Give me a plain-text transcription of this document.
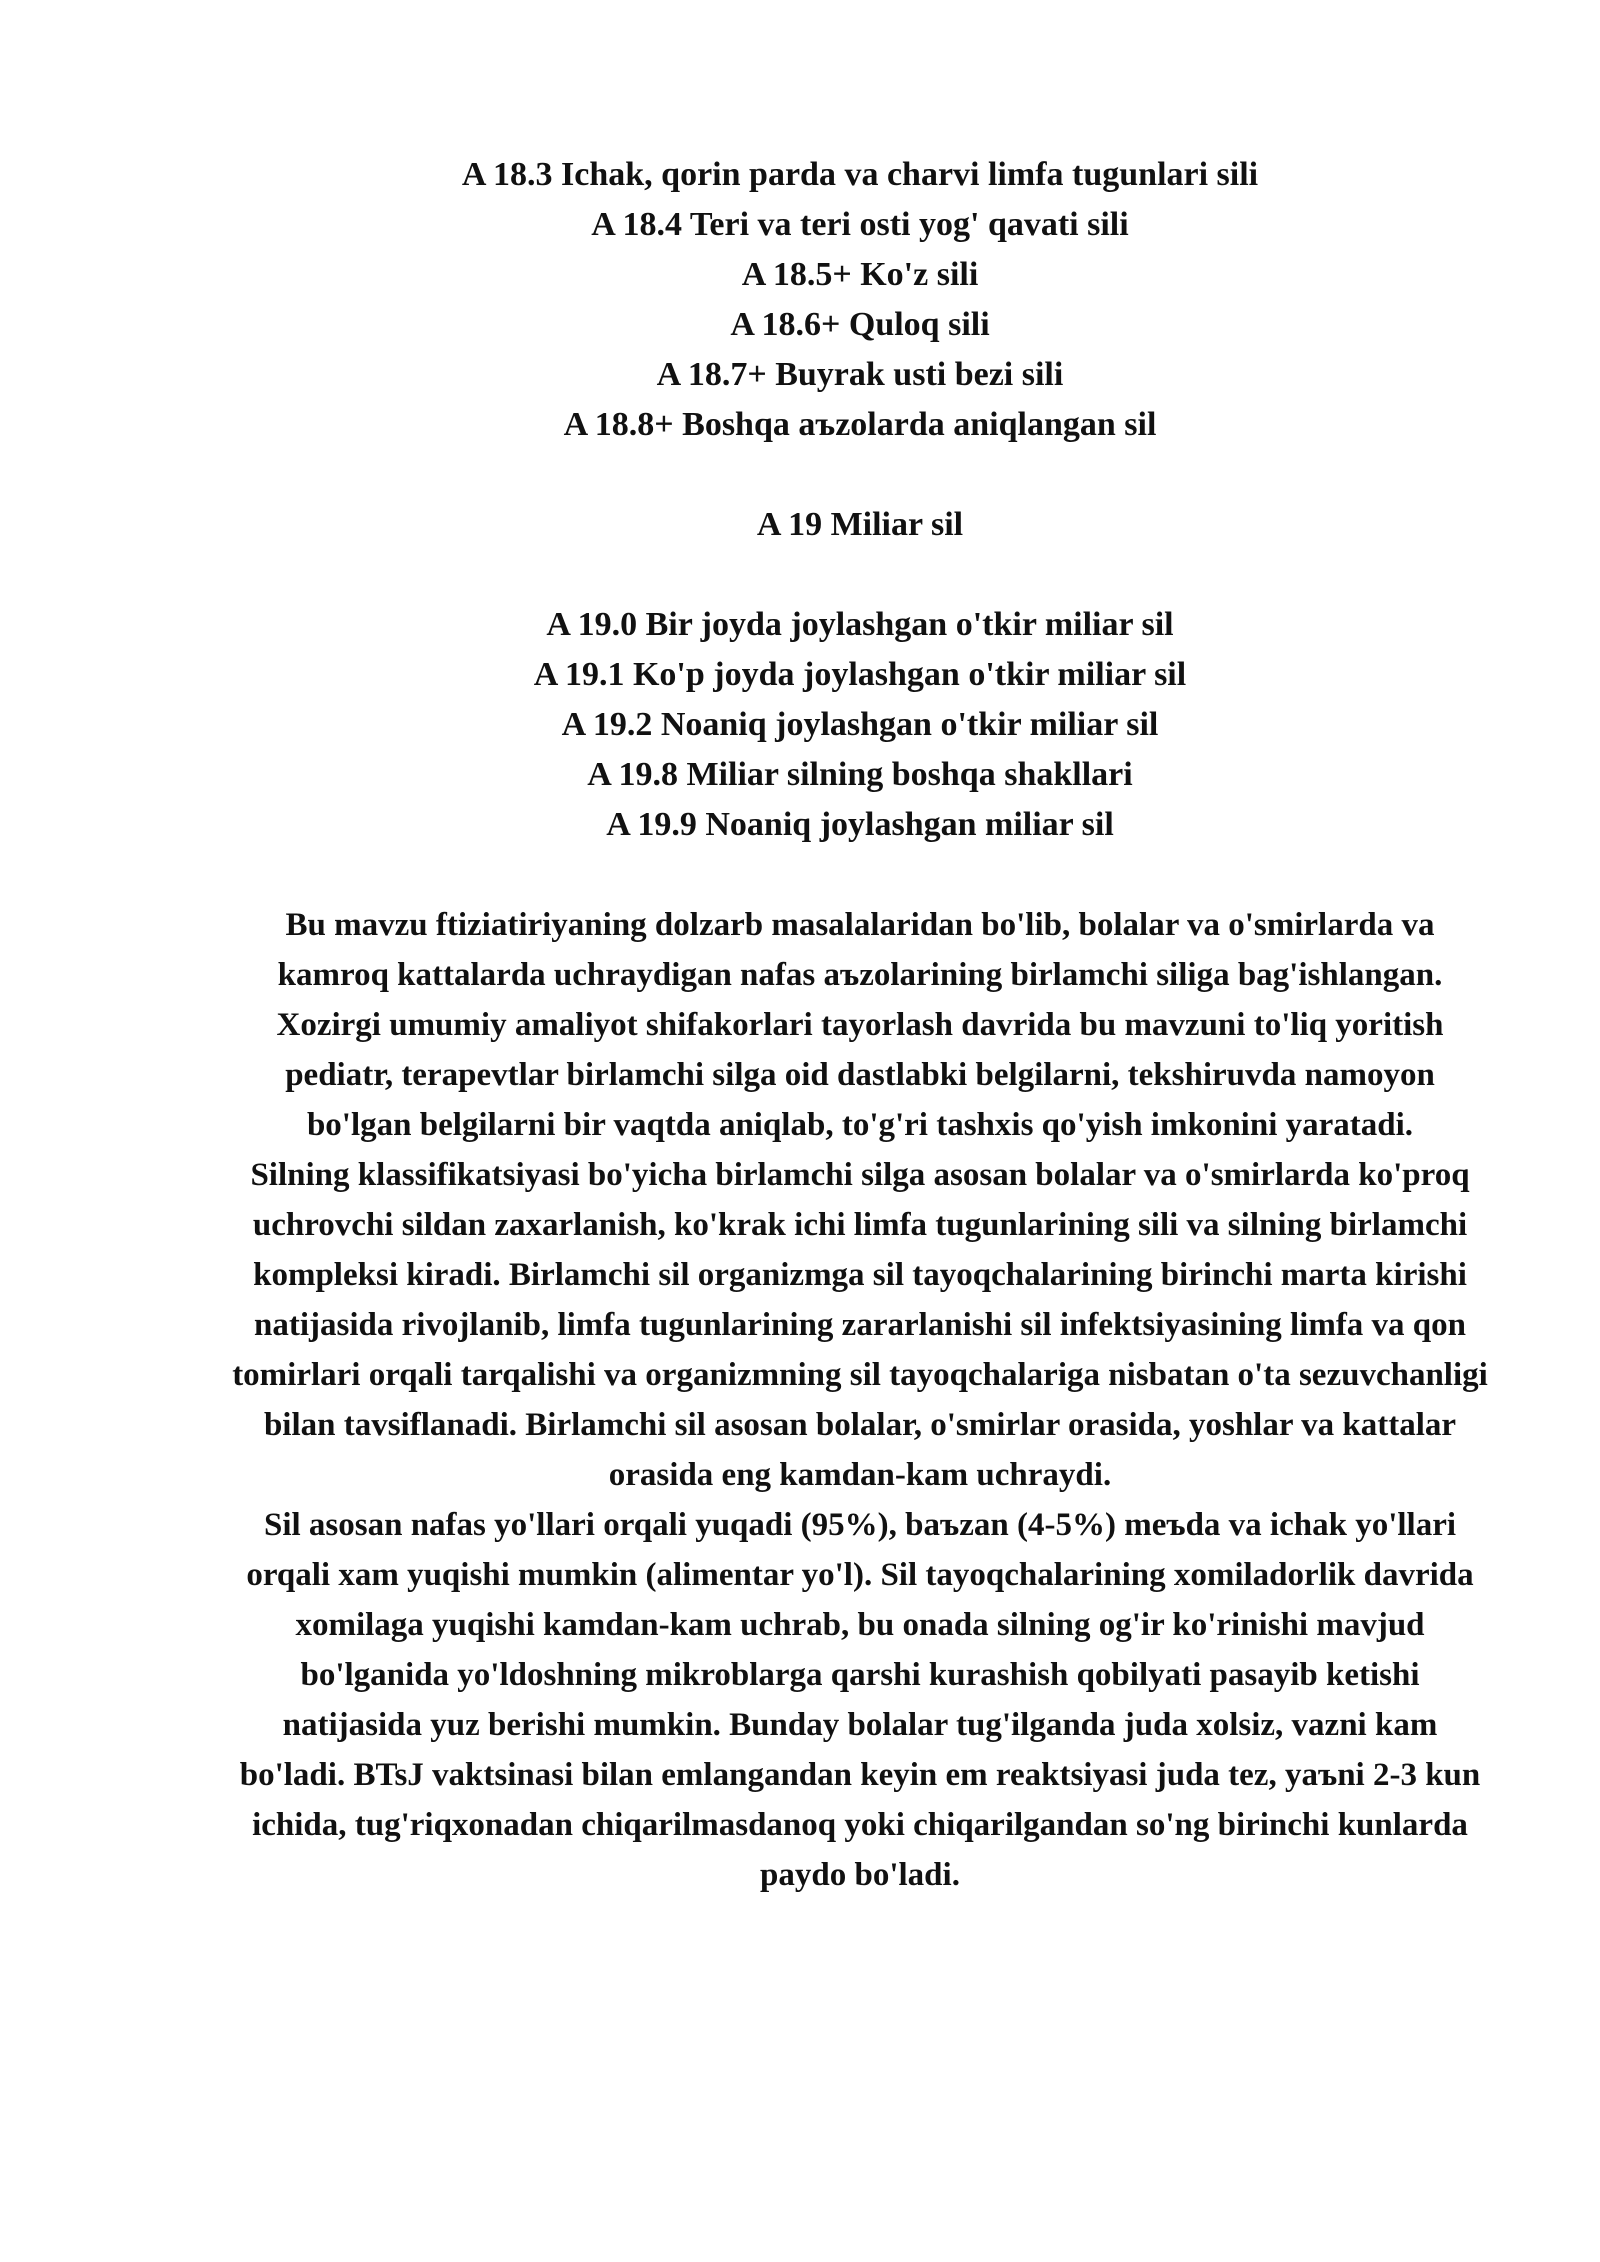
A 18.3 Ichak, qorin parda va charvi limfa tugunlari sili
A 18.4 Teri va teri osti yog' qavati sili
A 18.5+ Ko'z sili
A 18.6+ Quloq sili
A 18.7+ Buyrak usti bezi sili
A 18.8+ Boshqa aъzolarda aniqlangan sil
A 19 Miliar sil
A 19.0 Bir joyda joylashgan o'tkir miliar sil
A 19.1 Ko'p joyda joylashgan o'tkir miliar sil
A 19.2 Noaniq joylashgan o'tkir miliar sil
A 19.8 Miliar silning boshqa shakllari
A 19.9 Noaniq joylashgan miliar sil

Bu mavzu ftiziatiriyaning dolzarb masalalaridan bo'lib, bolalar va o'smirlarda va kamroq kattalarda uchraydigan nafas aъzolarining birlamchi siliga bag'ishlangan. Xozirgi umumiy amaliyot shifakorlari tayorlash davrida bu mavzuni to'liq yoritish pediatr, terapevtlar birlamchi silga oid dastlabki belgilarni, tekshiruvda namoyon bo'lgan belgilarni bir vaqtda aniqlab, to'g'ri tashxis qo'yish imkonini yaratadi.

Silning klassifikatsiyasi bo'yicha birlamchi silga asosan bolalar va o'smirlarda ko'proq uchrovchi sildan zaxarlanish, ko'krak ichi limfa tugunlarining sili va silning birlamchi kompleksi kiradi. Birlamchi sil organizmga sil tayoqchalarining birinchi marta kirishi natijasida rivojlanib, limfa tugunlarining zararlanishi sil infektsiyasining limfa va qon tomirlari orqali tarqalishi va organizmning sil tayoqchalariga nisbatan o'ta sezuvchanligi bilan tavsiflanadi. Birlamchi sil asosan bolalar, o'smirlar orasida, yoshlar va kattalar orasida eng kamdan-kam uchraydi.

Sil asosan nafas yo'llari orqali yuqadi (95%), baъzan (4-5%) meъda va ichak yo'llari orqali xam yuqishi mumkin (alimentar yo'l). Sil tayoqchalarining xomiladorlik davrida xomilaga yuqishi kamdan-kam uchrab, bu onada silning og'ir ko'rinishi mavjud bo'lganida yo'ldoshning mikroblarga qarshi kurashish qobilyati pasayib ketishi natijasida yuz berishi mumkin. Bunday bolalar tug'ilganda juda xolsiz, vazni kam bo'ladi. BTsJ vaktsinasi bilan emlangandan keyin em reaktsiyasi juda tez, yaъni 2-3 kun ichida, tug'riqxonadan chiqarilmasdanoq yoki chiqarilgandan so'ng birinchi kunlarda paydo bo'ladi.
